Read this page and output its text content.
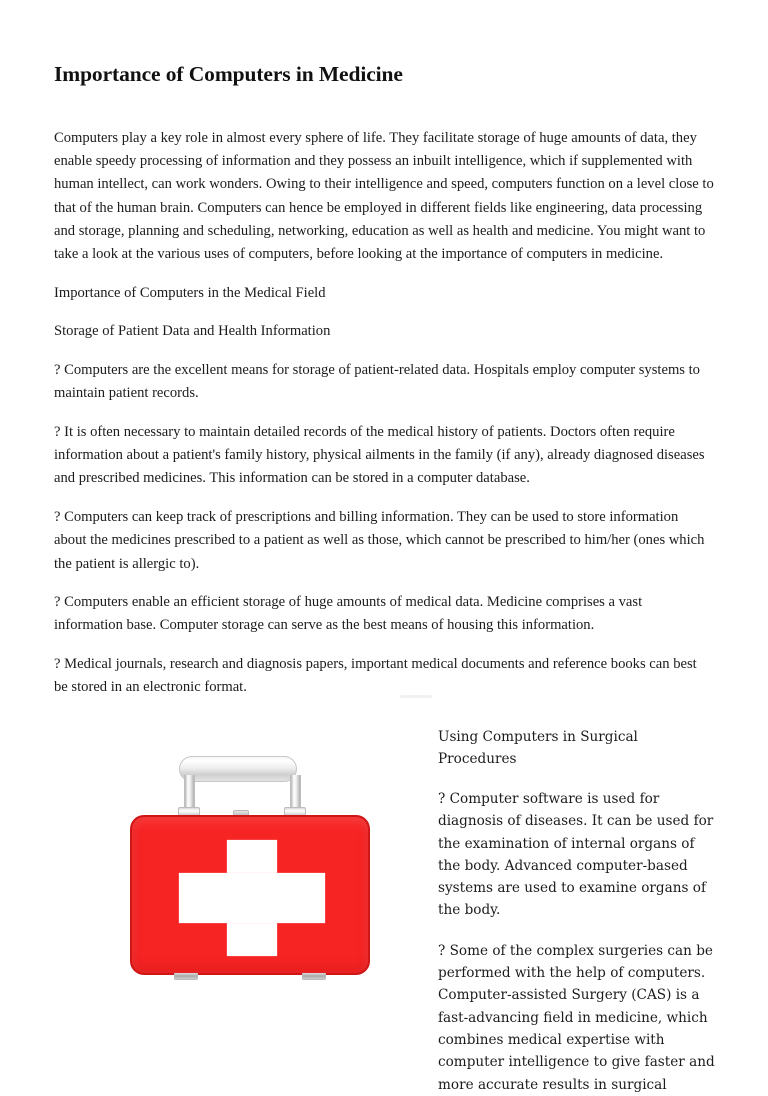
Importance of Computers in Medicine

Computers play a key role in almost every sphere of life. They facilitate storage of huge amounts of data, they enable speedy processing of information and they possess an inbuilt intelligence, which if supplemented with human intellect, can work wonders. Owing to their intelligence and speed, computers function on a level close to that of the human brain. Computers can hence be employed in different fields like engineering, data processing and storage, planning and scheduling, networking, education as well as health and medicine. You might want to take a look at the various uses of computers, before looking at the importance of computers in medicine.

Importance of Computers in the Medical Field

Storage of Patient Data and Health Information

? Computers are the excellent means for storage of patient-related data. Hospitals employ computer systems to maintain patient records.

? It is often necessary to maintain detailed records of the medical history of patients. Doctors often require information about a patient's family history, physical ailments in the family (if any), already diagnosed diseases and prescribed medicines. This information can be stored in a computer database.

? Computers can keep track of prescriptions and billing information. They can be used to store information about the medicines prescribed to a patient as well as those, which cannot be prescribed to him/her (ones which the patient is allergic to).

? Computers enable an efficient storage of huge amounts of medical data. Medicine comprises a vast information base. Computer storage can serve as the best means of housing this information.

? Medical journals, research and diagnosis papers, important medical documents and reference books can best be stored in an electronic format.

Using Computers in Surgical Procedures

? Computer software is used for diagnosis of diseases. It can be used for the examination of internal organs of the body. Advanced computer-based systems are used to examine organs of the body.

? Some of the complex surgeries can be performed with the help of computers. Computer-assisted Surgery (CAS) is a fast-advancing field in medicine, which combines medical expertise with computer intelligence to give faster and more accurate results in surgical
